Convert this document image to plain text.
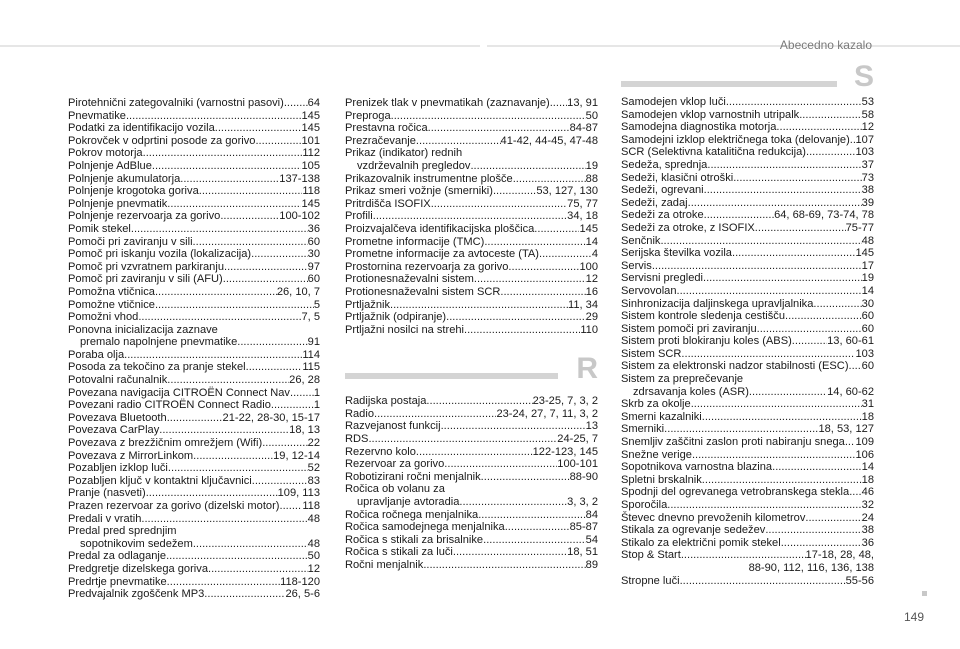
Abecedno kazalo
Pirotehnični zategovalniki (varnostni pasovi) ..... 64
Pnevmatike .....	145
Podatki za identifikacijo vozila .....	145
Pokrovček v odprtini posode za gorivo .....	101
Pokrov motorja .....	112
Polnjenje AdBlue .....	105
Polnjenje akumulatorja .....	137-138
Polnjenje krogotoka goriva .....	118
Polnjenje pnevmatik .....	145
Polnjenje rezervoarja za gorivo .....	100-102
Pomik stekel .....	36
Pomoči pri zaviranju v sili .....	60
Pomoč pri iskanju vozila (lokalizacija) .....	30
Pomoč pri vzvratnem parkiranju .....	97
Pomoč pri zaviranju v sili (AFU) .....	60
Pomožna vtičnica .....	26, 10, 7
Pomožne vtičnice .....	5
Pomožni vhod .....	7, 5
Ponovna inicializacija zaznave
premalo napolnjene pnevmatike .....	91
Poraba olja .....	114
Posoda za tekočino za pranje stekel .....	115
Potovalni računalnik .....	26, 28
Povezana navigacija CITROËN Connect Nav ..... 1
Povezani radio CITROËN Connect Radio .....	1
Povezava Bluetooth .....	21-22, 28-30, 15-17
Povezava CarPlay .....	18, 13
Povezava z brezžičnim omrežjem (Wifi) .....	22
Povezava z MirrorLinkom .....	19, 12-14
Pozabljen izklop luči .....	52
Pozabljen ključ v kontaktni ključavnici .....	83
Pranje (nasveti) .....	109, 113
Prazen rezervoar za gorivo (dizelski motor) ..... 118
Predali v vratih .....	48
Predal pred sprednjim
sopotnikovim sedežem .....	48
Predal za odlaganje .....	50
Predgretje dizelskega goriva .....	12
Predrtje pnevmatike .....	118-120
Predvajalnik zgoščenk MP3 .....	26, 5-6
Prenizek tlak v pnevmatikah (zaznavanje) ..... 13, 91
Preproga .....	50
Prestavna ročica .....	84-87
Prezračevanje .....	41-42, 44-45, 47-48
Prikaz (indikator) rednih
vzdrževalnih pregledov .....	19
Prikazovalnik instrumentne plošče .....	88
Prikaz smeri vožnje (smerniki) .....	53, 127, 130
Pritrdišča ISOFIX .....	75, 77
Profili .....	34, 18
Proizvajalčeva identifikacijska ploščica .....	145
Prometne informacije (TMC) .....	14
Prometne informacije za avtoceste (TA) .....	4
Prostornina rezervoarja za gorivo .....	100
Protionesnaževalni sistem .....	12
Protionesnaževalni sistem SCR .....	16
Prtljažnik .....	11, 34
Prtljažnik (odpiranje) .....	29
Prtljažni nosilci na strehi .....	110
R
Radijska postaja .....	23-25, 7, 3, 2
Radio .....	23-24, 27, 7, 11, 3, 2
Razvejanost funkcij .....	13
RDS .....	24-25, 7
Rezervno kolo .....	122-123, 145
Rezervoar za gorivo .....	100-101
Robotizirani ročni menjalnik .....	88-90
Ročica ob volanu za
upravljanje avtoradia .....	3, 3, 2
Ročica ročnega menjalnika .....	84
Ročica samodejnega menjalnika .....	85-87
Ročica s stikali za brisalnike .....	54
Ročica s stikali za luči .....	18, 51
Ročni menjalnik .....	89
S
Samodejen vklop luči .....	53
Samodejen vklop varnostnih utripalk .....	58
Samodejna diagnostika motorja .....	12
Samodejni izklop električnega toka (delovanje) ..... 107
SCR (Selektivna katalitična redukcija) .....	103
Sedeža, sprednja .....	37
Sedeži, klasični otroški .....	73
Sedeži, ogrevani .....	38
Sedeži, zadaj .....	39
Sedeži za otroke .....	64, 68-69, 73-74, 78
Sedeži za otroke, z ISOFIX .....	75-77
Senčnik .....	48
Serijska številka vozila .....	145
Servis .....	17
Servisni pregledi .....	19
Servovolan .....	14
Sinhronizacija daljinskega upravljalnika .....	30
Sistem kontrole sledenja cestišču .....	60
Sistem pomoči pri zaviranju .....	60
Sistem proti blokiranju koles (ABS) .....	13, 60-61
Sistem SCR .....	103
Sistem za elektronski nadzor stabilnosti (ESC) ..... 60
Sistem za preprečevanje
zdrsavanja koles (ASR) .....	14, 60-62
Skrb za okolje .....	31
Smerni kazalniki .....	18
Smerniki .....	18, 53, 127
Snemljiv zaščitni zaslon proti nabiranju snega ..... 109
Snežne verige .....	106
Sopotnikova varnostna blazina .....	14
Spletni brskalnik .....	18
Spodnji del ogrevanega vetrobranskega stekla ..... 46
Sporočila .....	32
Števec dnevno prevoženih kilometrov .....	24
Stikala za ogrevanje sedežev .....	38
Stikalo za električni pomik stekel .....	36
Stop & Start .....	17-18, 28, 48,
88-90, 112, 116, 136, 138
Stropne luči .....	55-56
149
